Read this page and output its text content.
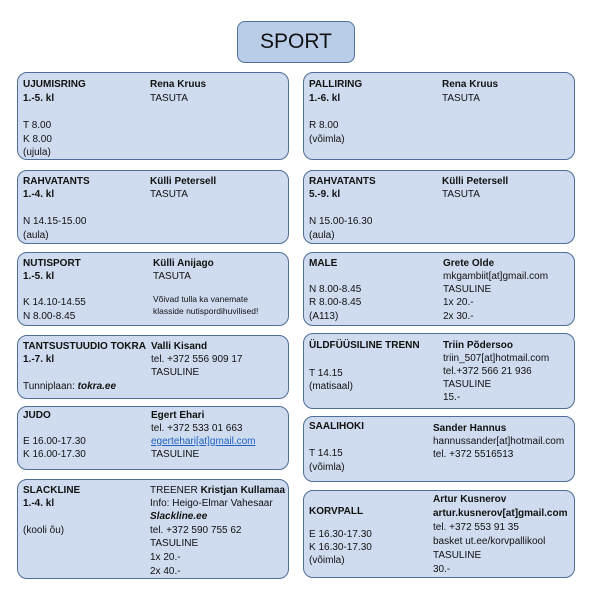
SPORT
UJUMISRING
1.-5. kl
Rena Kruus
TASUTA
T 8.00
K 8.00
(ujula)
PALLIRING
1.-6. kl
Rena Kruus
TASUTA
R 8.00
(võimla)
RAHVATANTS
1.-4. kl
Külli Petersell
TASUTA
N 14.15-15.00
(aula)
RAHVATANTS
5.-9. kl
Külli Petersell
TASUTA
N 15.00-16.30
(aula)
NUTISPORT
1.-5. kl
Külli Anijago
TASUTA
Võivad tulla ka vanemate
klasside nutispordihuvilised!
K 14.10-14.55
N 8.00-8.45
MALE	Grete Olde
mkgambiit[at]gmail.com
TASULINE
1x 20.-
2x 30.-
N 8.00-8.45
R 8.00-8.45
(A113)
TANTSUSTUUDIO TOKRA
1.-7. kl
Valli Kisand
tel. +372 556 909 17
TASULINE
Tunniplaan: tokra.ee
ÜLDFÜÜSILINE TRENN Triin Põdersoo
triin_507[at]hotmail.com
tel.+372 566 21 936
TASULINE
15.-
T 14.15
(matisaal)
JUDO	Egert Ehari
tel. +372 533 01 663
egertehari[at]gmail.com
TASULINE
E 16.00-17.30
K 16.00-17.30
SAALIHOKI	Sander Hannus
hannussander[at]hotmail.com
tel. +372 5516513
T 14.15
(võimla)
SLACKLINE
1.-4. kl
TREENER Kristjan Kullamaa
Info: Heigo-Elmar Vahesaar
Slackline.ee
tel. +372 590 755 62
TASULINE
1x 20.-
2x 40.-
(kooli õu)
KORVPALL
Artur Kusnerov
artur.kusnerov[at]gmail.com
tel. +372 553 91 35
basket ut.ee/korvpallikool
TASULINE
30.-
E 16.30-17.30
K 16.30-17.30
(võimla)
